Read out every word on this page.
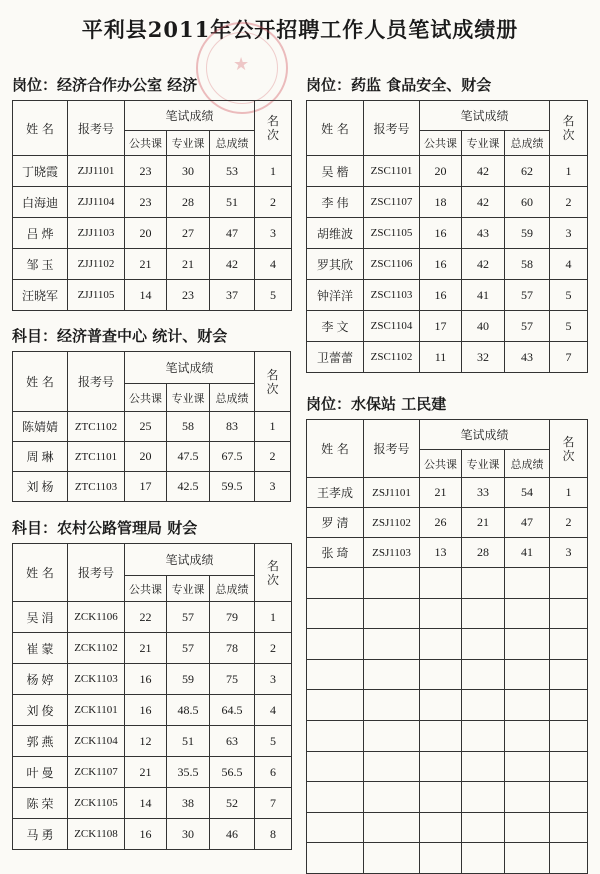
平利县2011年公开招聘工作人员笔试成绩册
★
岗位：经济合作办公室 经济
姓 名	报考号	笔试成绩			名次
		公共课	专业课	总成绩	
丁晓霞	ZJJ1101	23	30	53	1
白海迪	ZJJ1104	23	28	51	2
吕 烨	ZJJ1103	20	27	47	3
邹 玉	ZJJ1102	21	21	42	4
汪晓军	ZJJ1105	14	23	37	5
科目：经济普查中心 统计、财会
姓 名	报考号	笔试成绩			名次
		公共课	专业课	总成绩	
陈婧婧	ZTC1102	25	58	83	1
周 琳	ZTC1101	20	47.5	67.5	2
刘 杨	ZTC1103	17	42.5	59.5	3
科目：农村公路管理局 财会
姓 名	报考号	笔试成绩			名次
		公共课	专业课	总成绩	
吴 涓	ZCK1106	22	57	79	1
崔 蒙	ZCK1102	21	57	78	2
杨 婷	ZCK1103	16	59	75	3
刘 俊	ZCK1101	16	48.5	64.5	4
郭 燕	ZCK1104	12	51	63	5
叶 曼	ZCK1107	21	35.5	56.5	6
陈 荣	ZCK1105	14	38	52	7
马 勇	ZCK1108	16	30	46	8
岗位：药监 食品安全、财会
姓 名	报考号	笔试成绩			名次
		公共课	专业课	总成绩	
吴 楷	ZSC1101	20	42	62	1
李 伟	ZSC1107	18	42	60	2
胡维波	ZSC1105	16	43	59	3
罗其欣	ZSC1106	16	42	58	4
钟洋洋	ZSC1103	16	41	57	5
李 文	ZSC1104	17	40	57	5
卫蕾蕾	ZSC1102	11	32	43	7
岗位：水保站 工民建
姓 名	报考号	笔试成绩			名次
		公共课	专业课	总成绩	
王孝成	ZSJ1101	21	33	54	1
罗 清	ZSJ1102	26	21	47	2
张 琦	ZSJ1103	13	28	41	3
